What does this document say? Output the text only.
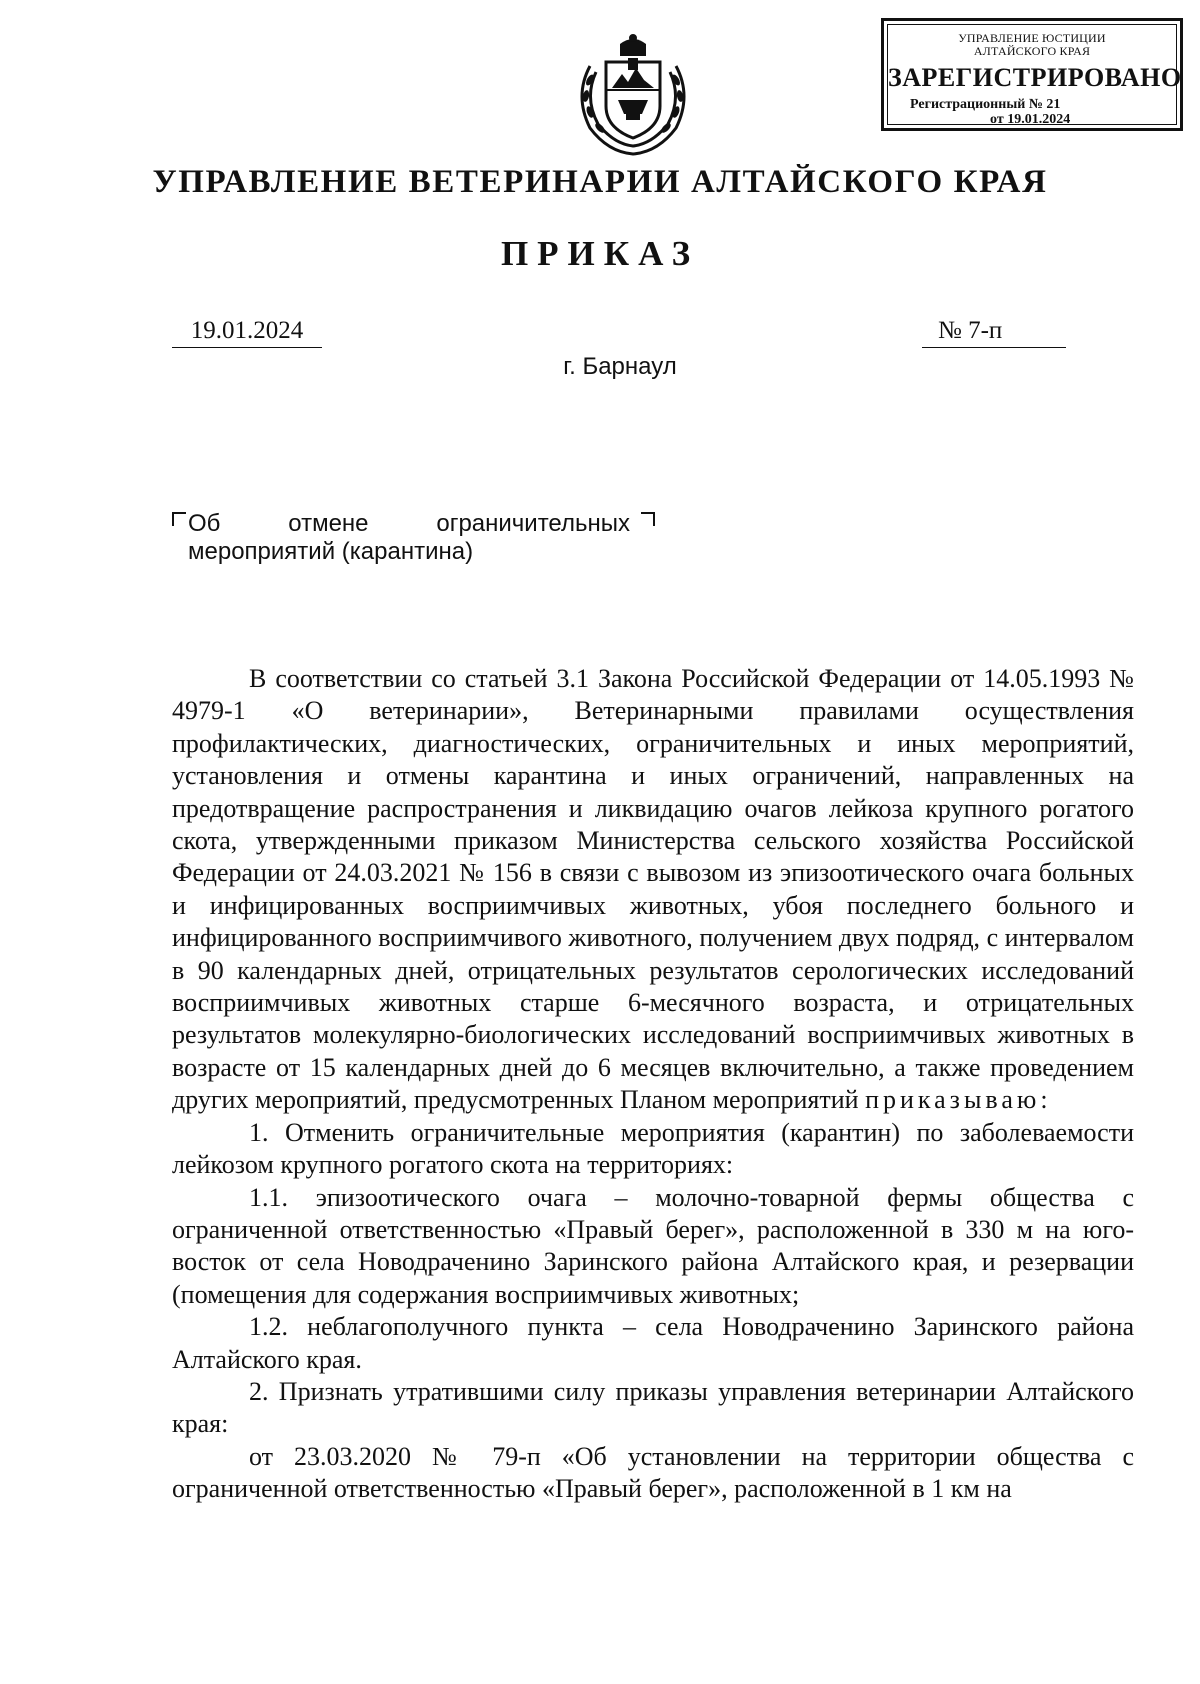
УПРАВЛЕНИЕ ЮСТИЦИИ
АЛТАЙСКОГО КРАЯ
ЗАРЕГИСТРИРОВАНО
Регистрационный № 21
от 19.01.2024
УПРАВЛЕНИЕ ВЕТЕРИНАРИИ АЛТАЙСКОГО КРАЯ
ПРИКАЗ
19.01.2024	№ 7-п
г. Барнаул
Об	отмене	ограничительных
мероприятий (карантина)

В соответствии со статьей 3.1 Закона Российской Федерации от 14.05.1993 № 4979-1 «О ветеринарии», Ветеринарными правилами осуществления профилактических, диагностических, ограничительных и иных мероприятий, установления и отмены карантина и иных ограничений, направленных на предотвращение распространения и ликвидацию очагов лейкоза крупного рогатого скота, утвержденными приказом Министерства сельского хозяйства Российской Федерации от 24.03.2021 № 156 в связи с вывозом из эпизоотического очага больных и инфицированных восприимчивых животных, убоя последнего больного и инфицированного восприимчивого животного, получением двух подряд, с интервалом в 90 календарных дней, отрицательных результатов серологических исследований восприимчивых животных старше 6-месячного возраста, и отрицательных результатов молекулярно-биологических исследований восприимчивых животных в возрасте от 15 календарных дней до 6 месяцев включительно, а также проведением других мероприятий, предусмотренных Планом мероприятий приказываю:

1. Отменить ограничительные мероприятия (карантин) по заболеваемости лейкозом крупного рогатого скота на территориях:

1.1. эпизоотического очага – молочно-товарной фермы общества с ограниченной ответственностью «Правый берег», расположенной в 330 м на юго-восток от села Новодраченино Заринского района Алтайского края, и резервации (помещения для содержания восприимчивых животных;

1.2. неблагополучного пункта – села Новодраченино Заринского района Алтайского края.

2. Признать утратившими силу приказы управления ветеринарии Алтайского края:

от 23.03.2020 № 79-п «Об установлении на территории общества с ограниченной ответственностью «Правый берег», расположенной в 1 км на
